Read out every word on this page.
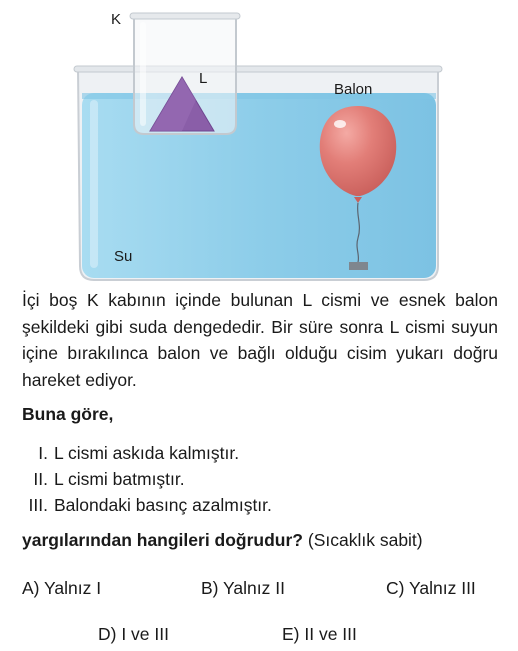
K
L
Balon
Su
İçi boş K kabının içinde bulunan L cismi ve esnek balon şekildeki gibi suda dengededir. Bir süre sonra L cismi suyun içine bırakılınca balon ve bağlı olduğu cisim yukarı doğru hareket ediyor.
Buna göre,
I. L cismi askıda kalmıştır.
II. L cismi batmıştır.
III. Balondaki basınç azalmıştır.
yargılarından hangileri doğrudur? (Sıcaklık sabit)
A) Yalnız I	B) Yalnız II	C) Yalnız III
D) I ve III	E) II ve III
